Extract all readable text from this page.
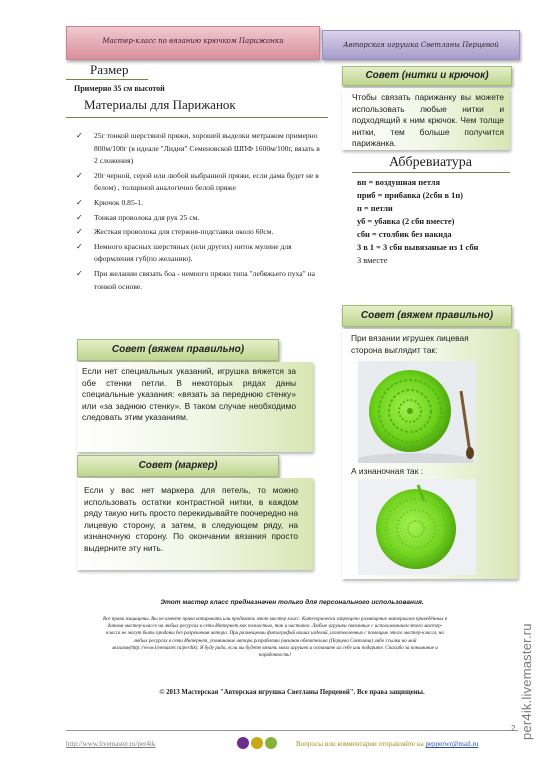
Мастер-класс по вязанию крючком Парижанки	Авторская игрушка Светланы Перцевой
Размер
Примерно 35 см высотой
Материалы для Парижанок
✓ 25г тонкой шерстяной пряжи, хорошей выделки метражом примерно 800м/100г (в идеале "Лидия" Семеновской ШПФ 1600м/100г, вязать в 2 сложения)
✓ 20г черной, серой или любой выбранной пряжи, если дама будет не в белом) , толщиной аналогично белой пряже
✓ Крючок 0.85-1.
✓ Тонкая проволока для рук 25 см.
✓ Жесткая проволока для стержня-подставки около 60см.
✓ Немного красных шерстяных (или других) ниток мулине для оформления губ(по желанию).
✓ При желании связать боа - немного пряжи типа "лебяжьего пуха" на тонкой основе.
Совет (нитки и крючок)
Чтобы связать парижанку вы можете использовать любые нитки и подходящий к ним крючок. Чем толще нитки, тем больше получится парижанка.
Аббревиатура
вп = воздушная петля
приб = прибавка (2сбн в 1п)
п = петли
уб = убавка (2 сбн вместе)
сбн = столбик без накида
3 в 1 = 3 сбн вывязаные из 1 сбн
3 вместе
Совет (вяжем правильно)
Если нет специальных указаний, игрушка вяжется за обе стенки петли. В некоторых рядах даны специальные указания: «вязать за переднюю стенку» или «за заднюю стенку». В таком случае необходимо следовать этим указаниям.
Совет (маркер)
Если у вас нет маркера для петель, то можно использовать остатки контрастной нитки, в каждом ряду такую нить просто перекидывайте поочередно на лицевую сторону, а затем, в следующем ряду, на изнаночную сторону. По окончании вязания просто выдерните эту нить.
Совет (вяжем правильно)
При вязании игрушек лицевая сторона выглядит так:
А изнаночная так :
Этот мастер класс предназначен только для персонального использования.
Все права защищены. Вы не имеете права копировать или продавать этот мастер класс. Категорически запрещено размещение материалов приведённых в данном мастер-классе на любых ресурсах в сети Интернет как полностью, так и частично. Любые игрушки связанные с использованием этого мастер-класса не могут быть проданы без разрешения автора. При размещении фотографий ваших изделий, изготовленных с помощью этого мастер-класса, на любых ресурсах в сети Интернет, упоминание автора разработки (вязаная обязательна (Перцева Светлана) либо ссылка на мой магазин(http://www.livemaster.ru/per4ik). Я буду рада, если вы будете вязать моих игрушек и оставите их себе или подарите. Спасибо за понимание и порядочность!
© 2013 Мастерская "Авторская игрушка Светланы Перцевой". Все права защищены.
http://www.livemaster.ru/per4ik	Вопросы или комментарии отправляйте на pepperwr@mail.ru
2 per4ik.livemaster.ru
